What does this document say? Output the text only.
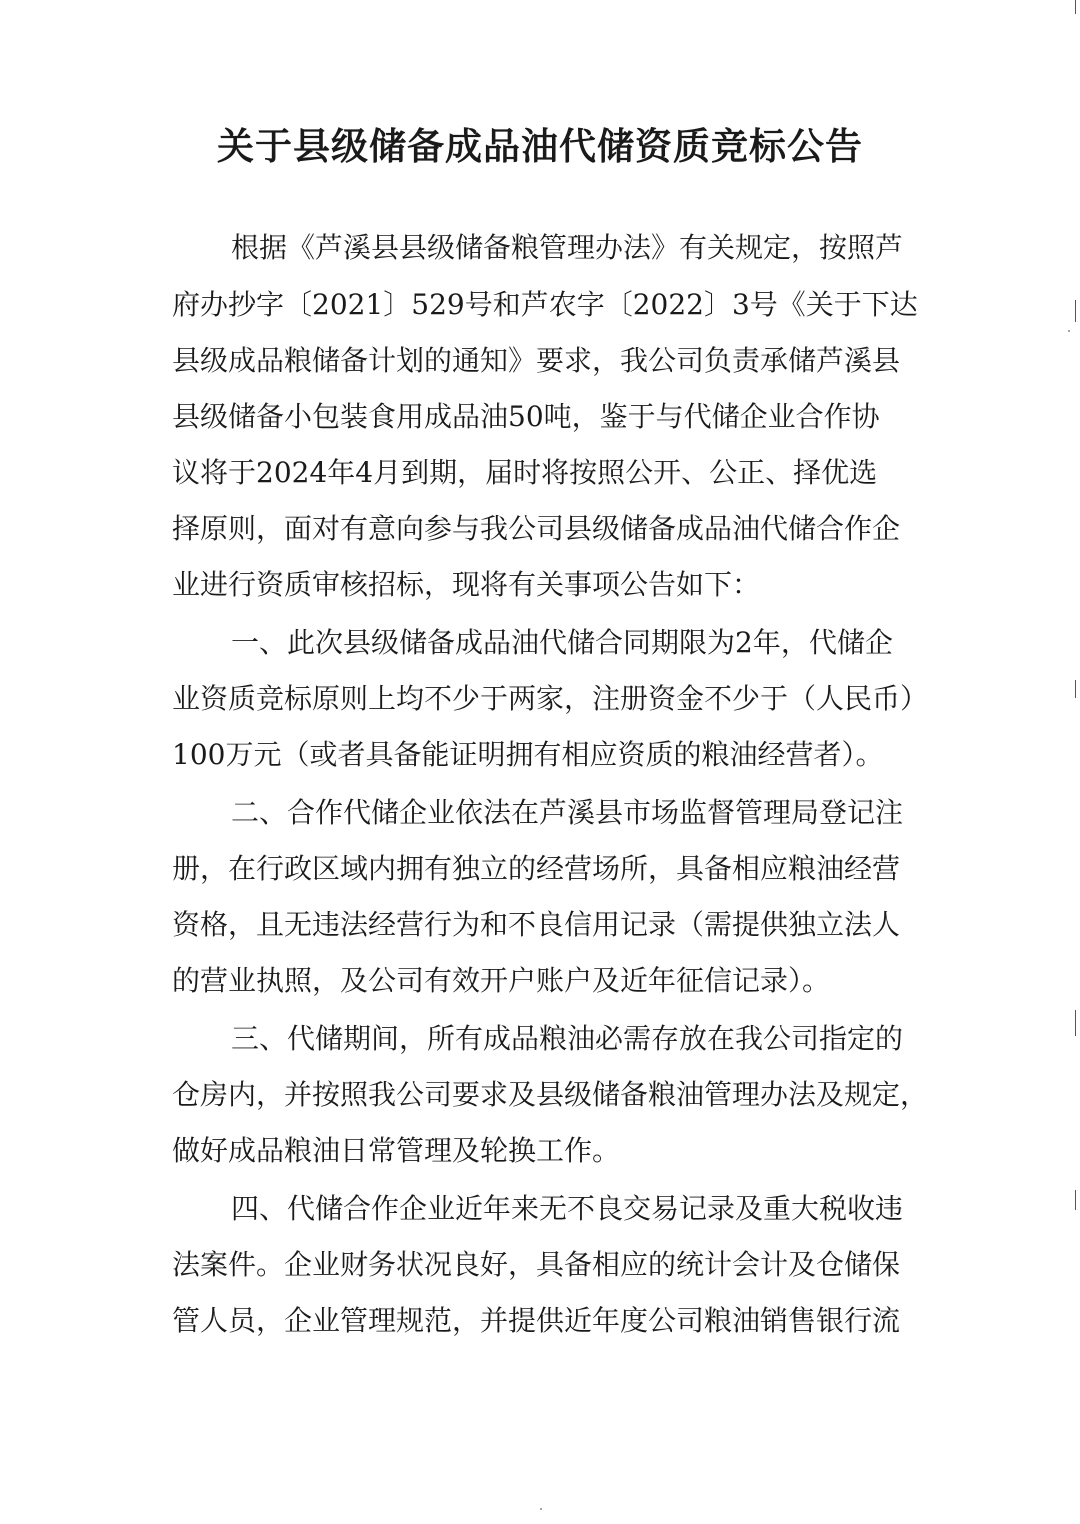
关于县级储备成品油代储资质竞标公告

根据《芦溪县县级储备粮管理办法》有关规定，按照芦

府办抄字〔2021〕529号和芦农字〔2022〕3号《关于下达

县级成品粮储备计划的通知》要求，我公司负责承储芦溪县

县级储备小包装食用成品油50吨，鉴于与代储企业合作协

议将于2024年4月到期，届时将按照公开、公正、择优选

择原则，面对有意向参与我公司县级储备成品油代储合作企

业进行资质审核招标，现将有关事项公告如下：

一、此次县级储备成品油代储合同期限为2年，代储企

业资质竞标原则上均不少于两家，注册资金不少于（人民币）

100万元（或者具备能证明拥有相应资质的粮油经营者）。

二、合作代储企业依法在芦溪县市场监督管理局登记注

册，在行政区域内拥有独立的经营场所，具备相应粮油经营

资格，且无违法经营行为和不良信用记录（需提供独立法人

的营业执照，及公司有效开户账户及近年征信记录）。

三、代储期间，所有成品粮油必需存放在我公司指定的

仓房内，并按照我公司要求及县级储备粮油管理办法及规定，

做好成品粮油日常管理及轮换工作。

四、代储合作企业近年来无不良交易记录及重大税收违

法案件。企业财务状况良好，具备相应的统计会计及仓储保

管人员，企业管理规范，并提供近年度公司粮油销售银行流
